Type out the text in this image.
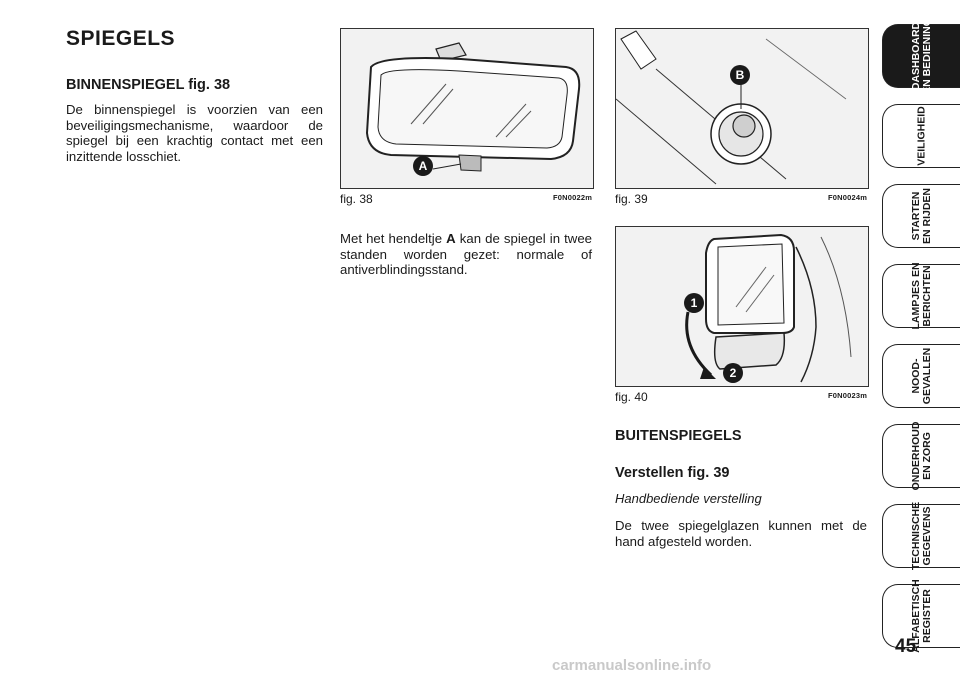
SPIEGELS
BINNENSPIEGEL fig. 38
De binnenspiegel is voorzien van een beveiligingsmechanisme, waardoor de spiegel bij een krachtig contact met een inzittende losschiet.
A
fig. 38	F0N0022m
B
fig. 39	F0N0024m
Met het hendeltje A kan de spiegel in twee standen worden gezet: normale of antiverblindingsstand.
1
2
fig. 40	F0N0023m
BUITENSPIEGELS
Verstellen fig. 39
Handbediende verstelling
De twee spiegelglazen kunnen met de hand afgesteld worden.
DASHBOARD
EN BEDIENING
VEILIGHEID
STARTEN
EN RIJDEN
LAMPJES EN
BERICHTEN
NOOD-
GEVALLEN
ONDERHOUD
EN ZORG
TECHNISCHE
GEGEVENS
ALFABETISCH
REGISTER
45
carmanualsonline.info
